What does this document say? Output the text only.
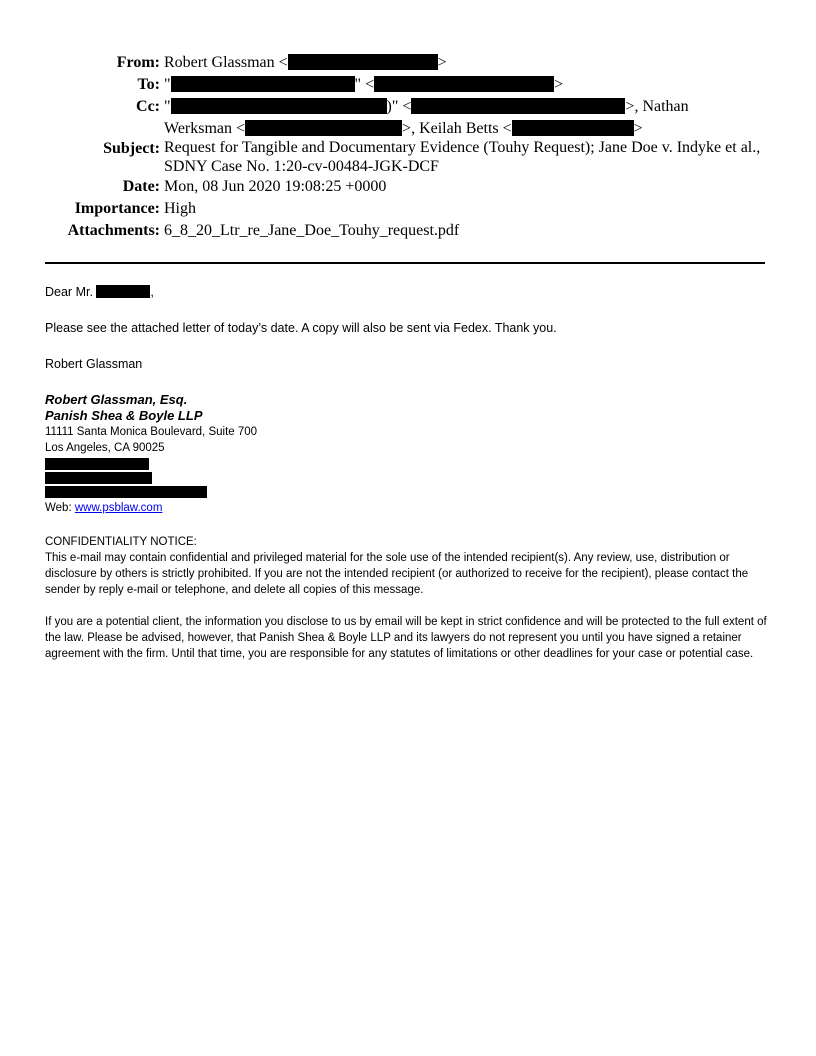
From: Robert Glassman <	>
To: "	" <	>
Cc: "	)" <	>, Nathan
Werksman <	>, Keilah Betts <	>
Subject: Request for Tangible and Documentary Evidence (Touhy Request); Jane Doe v. Indyke et al.,
SDNY Case No. 1:20-cv-00484-JGK-DCF
Date: Mon, 08 Jun 2020 19:08:25 +0000
Importance: High
Attachments: 6_8_20_Ltr_re_Jane_Doe_Touhy_request.pdf

Dear Mr.	,

Please see the attached letter of today’s date. A copy will also be sent via Fedex. Thank you.

Robert Glassman

Robert Glassman, Esq.
Panish Shea & Boyle LLP
11111 Santa Monica Boulevard, Suite 700
Los Angeles, CA 90025
Web: www.psblaw.com
CONFIDENTIALITY NOTICE:
This e-mail may contain confidential and privileged material for the sole use of the intended recipient(s). Any review, use, distribution or disclosure by others is strictly prohibited. If you are not the intended recipient (or authorized to receive for the recipient), please contact the sender by reply e-mail or telephone, and delete all copies of this message.
If you are a potential client, the information you disclose to us by email will be kept in strict confidence and will be protected to the full extent of the law. Please be advised, however, that Panish Shea & Boyle LLP and its lawyers do not represent you until you have signed a retainer agreement with the firm. Until that time, you are responsible for any statutes of limitations or other deadlines for your case or potential case.
